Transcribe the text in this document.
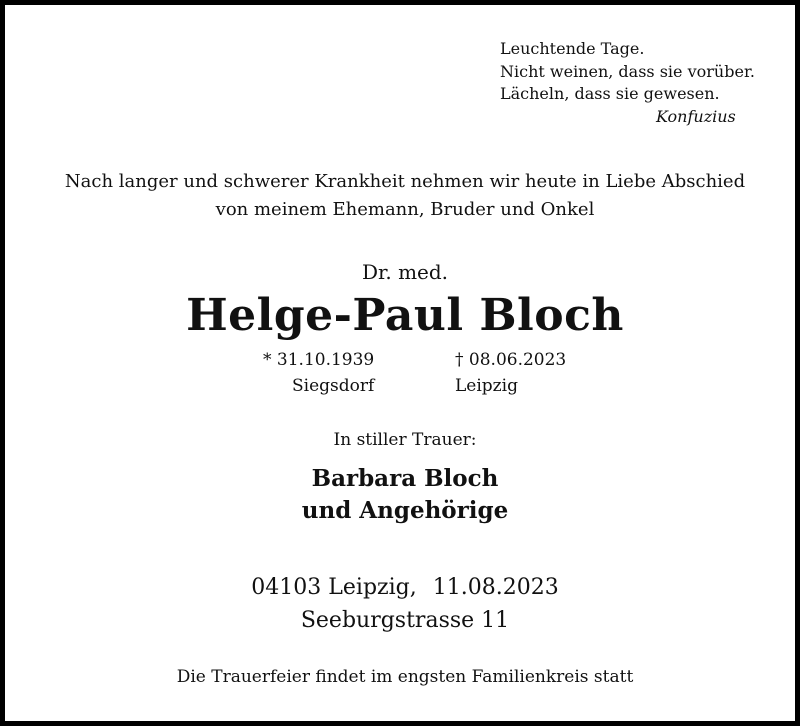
Leuchtende Tage.
Nicht weinen, dass sie vorüber.
Lächeln, dass sie gewesen.
Konfuzius
Nach langer und schwerer Krankheit nehmen wir heute in Liebe Abschied
von meinem Ehemann, Bruder und Onkel
Dr. med.
Helge-Paul Bloch
* 31.10.1939
Siegsdorf
† 08.06.2023
Leipzig
In stiller Trauer:
Barbara Bloch
und Angehörige
04103 Leipzig, 11.08.2023
Seeburgstrasse 11
Die Trauerfeier findet im engsten Familienkreis statt
